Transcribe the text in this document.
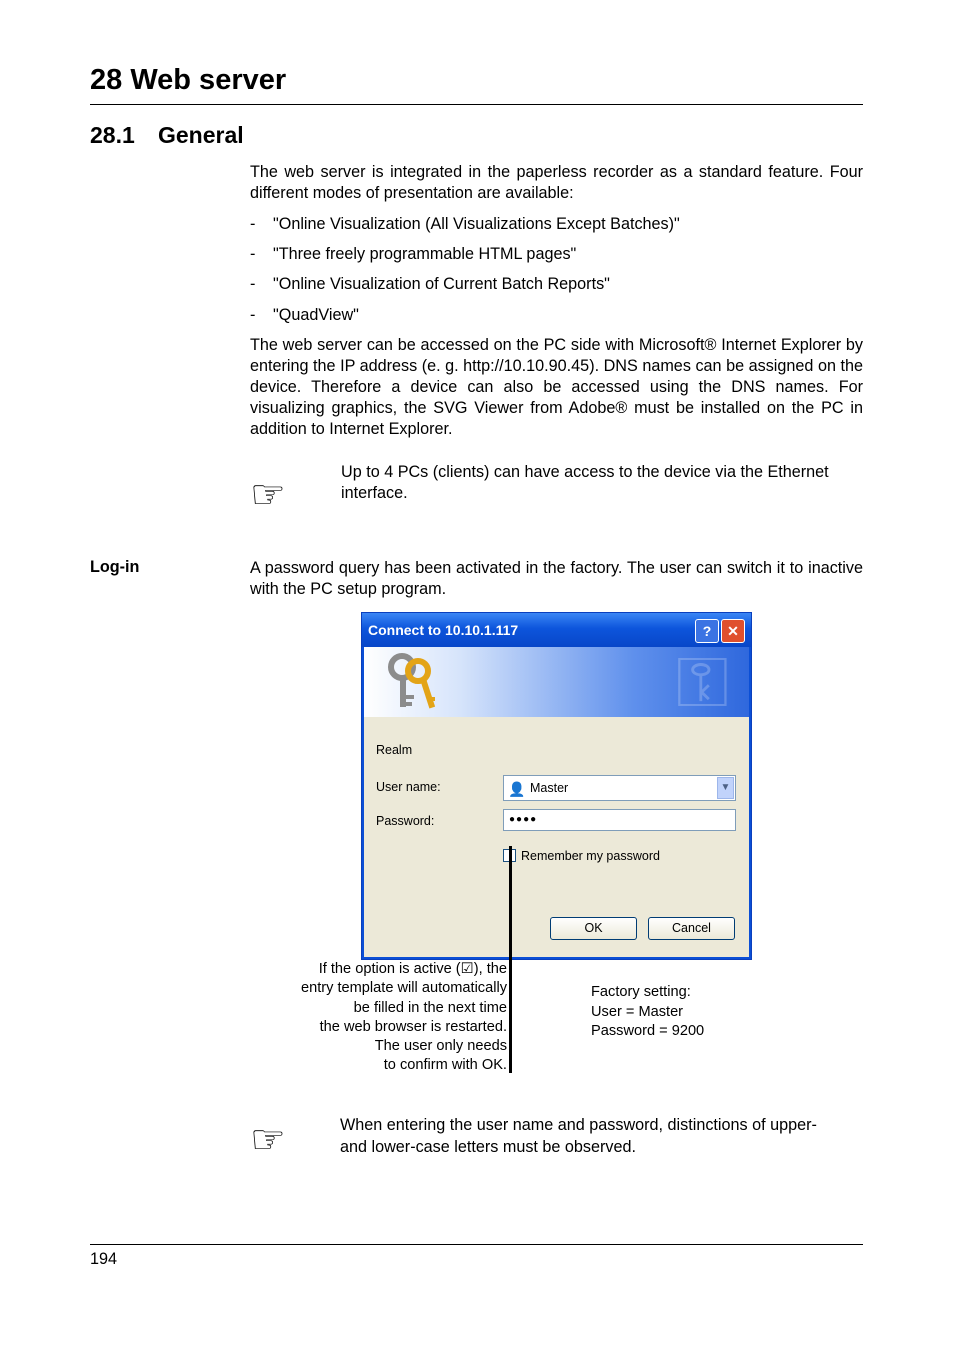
28 Web server
28.1 General

The web server is integrated in the paperless recorder as a standard feature. Four different modes of presentation are available:

- "Online Visualization (All Visualizations Except Batches)"

- "Three freely programmable HTML pages"

- "Online Visualization of Current Batch Reports"

- "QuadView"

The web server can be accessed on the PC side with Microsoft® Internet Explorer by entering the IP address (e. g. http://10.10.90.45). DNS names can be assigned on the device. Therefore a device can also be accessed using the DNS names. For visualizing graphics, the SVG Viewer from Adobe® must be installed on the PC in addition to Internet Explorer.

☞

Up to 4 PCs (clients) can have access to the device via the Ethernet interface.

Log-in	A password query has been activated in the factory. The user can switch it to inactive with the PC setup program.

Connect to 10.10.1.117	?	✕
⚿
Realm
User name:	👤 Master	▼
Password:	●●●●
Remember my password
OK	Cancel
If the option is active (☑), the
entry template will automatically
be filled in the next time
the web browser is restarted.
The user only needs
to confirm with OK.
Factory setting:
User = Master
Password = 9200
☞	When entering the user name and password, distinctions of upper- and lower-case letters must be observed.

194
